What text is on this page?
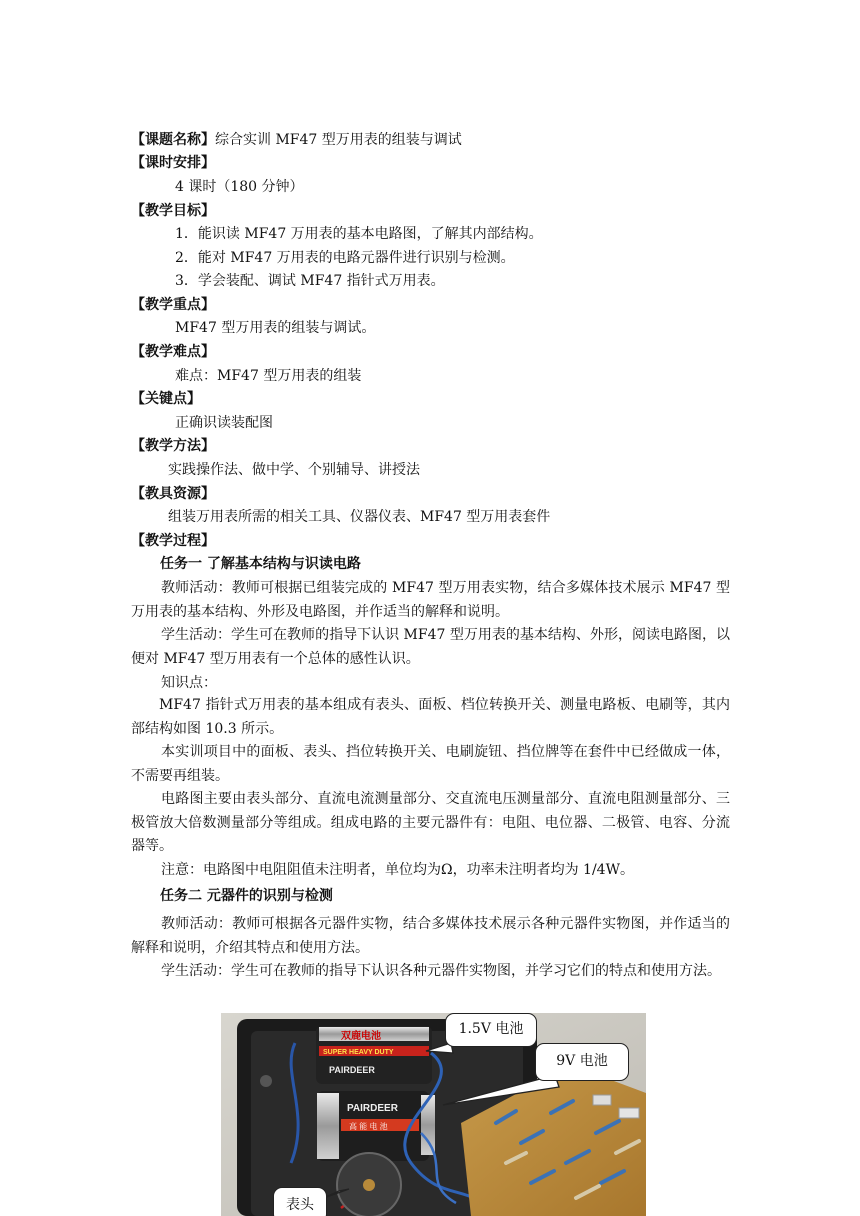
【课题名称】综合实训 MF47 型万用表的组装与调试
【课时安排】
4 课时（180 分钟）
【教学目标】
1．能识读 MF47 万用表的基本电路图，了解其内部结构。
2．能对 MF47 万用表的电路元器件进行识别与检测。
3．学会装配、调试 MF47 指针式万用表。
【教学重点】
MF47 型万用表的组装与调试。
【教学难点】
难点：MF47 型万用表的组装
【关键点】
正确识读装配图
【教学方法】
实践操作法、做中学、个别辅导、讲授法
【教具资源】
组装万用表所需的相关工具、仪器仪表、MF47 型万用表套件
【教学过程】
任务一 了解基本结构与识读电路
教师活动：教师可根据已组装完成的 MF47 型万用表实物，结合多媒体技术展示 MF47 型万用表的基本结构、外形及电路图，并作适当的解释和说明。
学生活动：学生可在教师的指导下认识 MF47 型万用表的基本结构、外形，阅读电路图，以便对 MF47 型万用表有一个总体的感性认识。
知识点：
MF47 指针式万用表的基本组成有表头、面板、档位转换开关、测量电路板、电刷等，其内部结构如图 10.3 所示。
本实训项目中的面板、表头、挡位转换开关、电刷旋钮、挡位牌等在套件中已经做成一体，不需要再组装。
电路图主要由表头部分、直流电流测量部分、交直流电压测量部分、直流电阻测量部分、三极管放大倍数测量部分等组成。组成电路的主要元器件有：电阻、电位器、二极管、电容、分流器等。
注意：电路图中电阻阻值未注明者，单位均为Ω，功率未注明者均为 1/4W。
任务二 元器件的识别与检测
教师活动：教师可根据各元器件实物，结合多媒体技术展示各种元器件实物图，并作适当的解释和说明，介绍其特点和使用方法。
学生活动：学生可在教师的指导下认识各种元器件实物图，并学习它们的特点和使用方法。
双鹿电池
SUPER HEAVY DUTY
PAIRDEER
PAIRDEER
高 能 电 池
1.5V 电池
9V 电池
表头
